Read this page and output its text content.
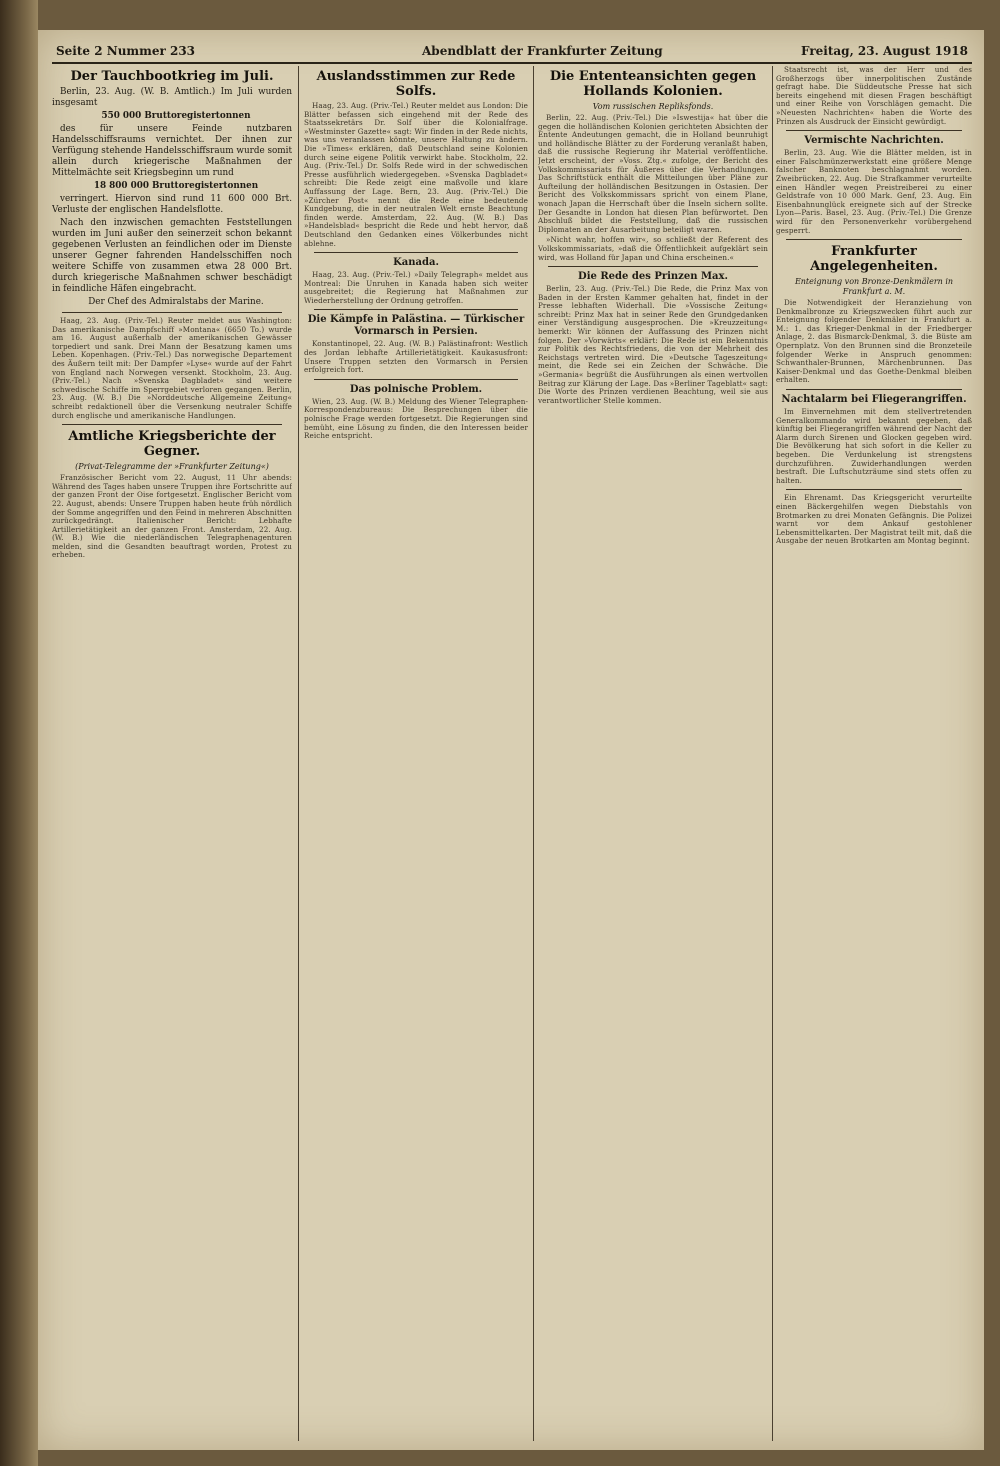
Seite 2 Nummer 233	Abendblatt der Frankfurter Zeitung	Freitag, 23. August 1918
Der Tauchbootkrieg im Juli.

Berlin, 23. Aug. (W. B. Amtlich.) Im Juli wurden insgesamt

550 000 Bruttoregistertonnen

des für unsere Feinde nutzbaren Handelsschiffsraums vernichtet. Der ihnen zur Verfügung stehende Handelsschiffsraum wurde somit allein durch kriegerische Maßnahmen der Mittelmächte seit Kriegsbeginn um rund

18 800 000 Bruttoregistertonnen

verringert. Hiervon sind rund 11 600 000 Brt. Verluste der englischen Handelsflotte.

Nach den inzwischen gemachten Feststellungen wurden im Juni außer den seinerzeit schon bekannt gegebenen Verlusten an feindlichen oder im Dienste unserer Gegner fahrenden Handelsschiffen noch weitere Schiffe von zusammen etwa 28 000 Brt. durch kriegerische Maßnahmen schwer beschädigt in feindliche Häfen eingebracht.

Der Chef des Admiralstabs der Marine.

Haag, 23. Aug. (Priv.-Tel.) Reuter meldet aus Washington: Das amerikanische Dampfschiff »Montana« (6650 To.) wurde am 16. August außerhalb der amerikanischen Gewässer torpediert und sank. Drei Mann der Besatzung kamen ums Leben. Kopenhagen. (Priv.-Tel.) Das norwegische Departement des Äußern teilt mit: Der Dampfer »Lyse« wurde auf der Fahrt von England nach Norwegen versenkt. Stockholm, 23. Aug. (Priv.-Tel.) Nach »Svenska Dagbladet« sind weitere schwedische Schiffe im Sperrgebiet verloren gegangen. Berlin, 23. Aug. (W. B.) Die »Norddeutsche Allgemeine Zeitung« schreibt redaktionell über die Versenkung neutraler Schiffe durch englische und amerikanische Handlungen.

Amtliche Kriegsberichte der Gegner.
(Privat-Telegramme der »Frankfurter Zeitung«)

Französischer Bericht vom 22. August, 11 Uhr abends: Während des Tages haben unsere Truppen ihre Fortschritte auf der ganzen Front der Oise fortgesetzt. Englischer Bericht vom 22. August, abends: Unsere Truppen haben heute früh nördlich der Somme angegriffen und den Feind in mehreren Abschnitten zurückgedrängt. Italienischer Bericht: Lebhafte Artillerietätigkeit an der ganzen Front. Amsterdam, 22. Aug. (W. B.) Wie die niederländischen Telegraphenagenturen melden, sind die Gesandten beauftragt worden, Protest zu erheben.

Auslandsstimmen zur Rede Solfs.

Haag, 23. Aug. (Priv.-Tel.) Reuter meldet aus London: Die Blätter befassen sich eingehend mit der Rede des Staatssekretärs Dr. Solf über die Kolonialfrage. »Westminster Gazette« sagt: Wir finden in der Rede nichts, was uns veranlassen könnte, unsere Haltung zu ändern. Die »Times« erklären, daß Deutschland seine Kolonien durch seine eigene Politik verwirkt habe. Stockholm, 22. Aug. (Priv.-Tel.) Dr. Solfs Rede wird in der schwedischen Presse ausführlich wiedergegeben. »Svenska Dagbladet« schreibt: Die Rede zeigt eine maßvolle und klare Auffassung der Lage. Bern, 23. Aug. (Priv.-Tel.) Die »Zürcher Post« nennt die Rede eine bedeutende Kundgebung, die in der neutralen Welt ernste Beachtung finden werde. Amsterdam, 22. Aug. (W. B.) Das »Handelsblad« bespricht die Rede und hebt hervor, daß Deutschland den Gedanken eines Völkerbundes nicht ablehne.

Kanada.

Haag, 23. Aug. (Priv.-Tel.) »Daily Telegraph« meldet aus Montreal: Die Unruhen in Kanada haben sich weiter ausgebreitet; die Regierung hat Maßnahmen zur Wiederherstellung der Ordnung getroffen.

Die Kämpfe in Palästina. — Türkischer Vormarsch in Persien.

Konstantinopel, 22. Aug. (W. B.) Palästinafront: Westlich des Jordan lebhafte Artillerietätigkeit. Kaukasusfront: Unsere Truppen setzten den Vormarsch in Persien erfolgreich fort.

Das polnische Problem.

Wien, 23. Aug. (W. B.) Meldung des Wiener Telegraphen-Korrespondenzbureaus: Die Besprechungen über die polnische Frage werden fortgesetzt. Die Regierungen sind bemüht, eine Lösung zu finden, die den Interessen beider Reiche entspricht.

Die Ententeansichten gegen Hollands Kolonien.
Vom russischen Repliksfonds.

Berlin, 22. Aug. (Priv.-Tel.) Die »Iswestija« hat über die gegen die holländischen Kolonien gerichteten Absichten der Entente Andeutungen gemacht, die in Holland beunruhigt und holländische Blätter zu der Forderung veranlaßt haben, daß die russische Regierung ihr Material veröffentliche. Jetzt erscheint, der »Voss. Ztg.« zufolge, der Bericht des Volkskommissariats für Äußeres über die Verhandlungen. Das Schriftstück enthält die Mitteilungen über Pläne zur Aufteilung der holländischen Besitzungen in Ostasien. Der Bericht des Volkskommissars spricht von einem Plane, wonach Japan die Herrschaft über die Inseln sichern sollte. Der Gesandte in London hat diesen Plan befürwortet. Den Abschluß bildet die Feststellung, daß die russischen Diplomaten an der Ausarbeitung beteiligt waren.

»Nicht wahr, hoffen wir«, so schließt der Referent des Volkskommissariats, »daß die Öffentlichkeit aufgeklärt sein wird, was Holland für Japan und China erscheinen.«

Die Rede des Prinzen Max.

Berlin, 23. Aug. (Priv.-Tel.) Die Rede, die Prinz Max von Baden in der Ersten Kammer gehalten hat, findet in der Presse lebhaften Widerhall. Die »Vossische Zeitung« schreibt: Prinz Max hat in seiner Rede den Grundgedanken einer Verständigung ausgesprochen. Die »Kreuzzeitung« bemerkt: Wir können der Auffassung des Prinzen nicht folgen. Der »Vorwärts« erklärt: Die Rede ist ein Bekenntnis zur Politik des Rechtsfriedens, die von der Mehrheit des Reichstags vertreten wird. Die »Deutsche Tageszeitung« meint, die Rede sei ein Zeichen der Schwäche. Die »Germania« begrüßt die Ausführungen als einen wertvollen Beitrag zur Klärung der Lage. Das »Berliner Tageblatt« sagt: Die Worte des Prinzen verdienen Beachtung, weil sie aus verantwortlicher Stelle kommen.

Staatsrecht ist, was der Herr und des Großherzogs über innerpolitischen Zustände gefragt habe. Die Süddeutsche Presse hat sich bereits eingehend mit diesen Fragen beschäftigt und einer Reihe von Vorschlägen gemacht. Die »Neuesten Nachrichten« haben die Worte des Prinzen als Ausdruck der Einsicht gewürdigt.

Vermischte Nachrichten.

Berlin, 23. Aug. Wie die Blätter melden, ist in einer Falschmünzerwerkstatt eine größere Menge falscher Banknoten beschlagnahmt worden. Zweibrücken, 22. Aug. Die Strafkammer verurteilte einen Händler wegen Preistreiberei zu einer Geldstrafe von 10 000 Mark. Genf, 23. Aug. Ein Eisenbahnunglück ereignete sich auf der Strecke Lyon—Paris. Basel, 23. Aug. (Priv.-Tel.) Die Grenze wird für den Personenverkehr vorübergehend gesperrt.

Frankfurter Angelegenheiten.
Enteignung von Bronze-Denkmälern in Frankfurt a. M.

Die Notwendigkeit der Heranziehung von Denkmalbronze zu Kriegszwecken führt auch zur Enteignung folgender Denkmäler in Frankfurt a. M.: 1. das Krieger-Denkmal in der Friedberger Anlage, 2. das Bismarck-Denkmal, 3. die Büste am Opernplatz. Von den Brunnen sind die Bronzeteile folgender Werke in Anspruch genommen: Schwanthaler-Brunnen, Märchenbrunnen. Das Kaiser-Denkmal und das Goethe-Denkmal bleiben erhalten.

Nachtalarm bei Fliegerangriffen.

Im Einvernehmen mit dem stellvertretenden Generalkommando wird bekannt gegeben, daß künftig bei Fliegerangriffen während der Nacht der Alarm durch Sirenen und Glocken gegeben wird. Die Bevölkerung hat sich sofort in die Keller zu begeben. Die Verdunkelung ist strengstens durchzuführen. Zuwiderhandlungen werden bestraft. Die Luftschutzräume sind stets offen zu halten.

Ein Ehrenamt. Das Kriegsgericht verurteilte einen Bäckergehilfen wegen Diebstahls von Brotmarken zu drei Monaten Gefängnis. Die Polizei warnt vor dem Ankauf gestohlener Lebensmittelkarten. Der Magistrat teilt mit, daß die Ausgabe der neuen Brotkarten am Montag beginnt.
